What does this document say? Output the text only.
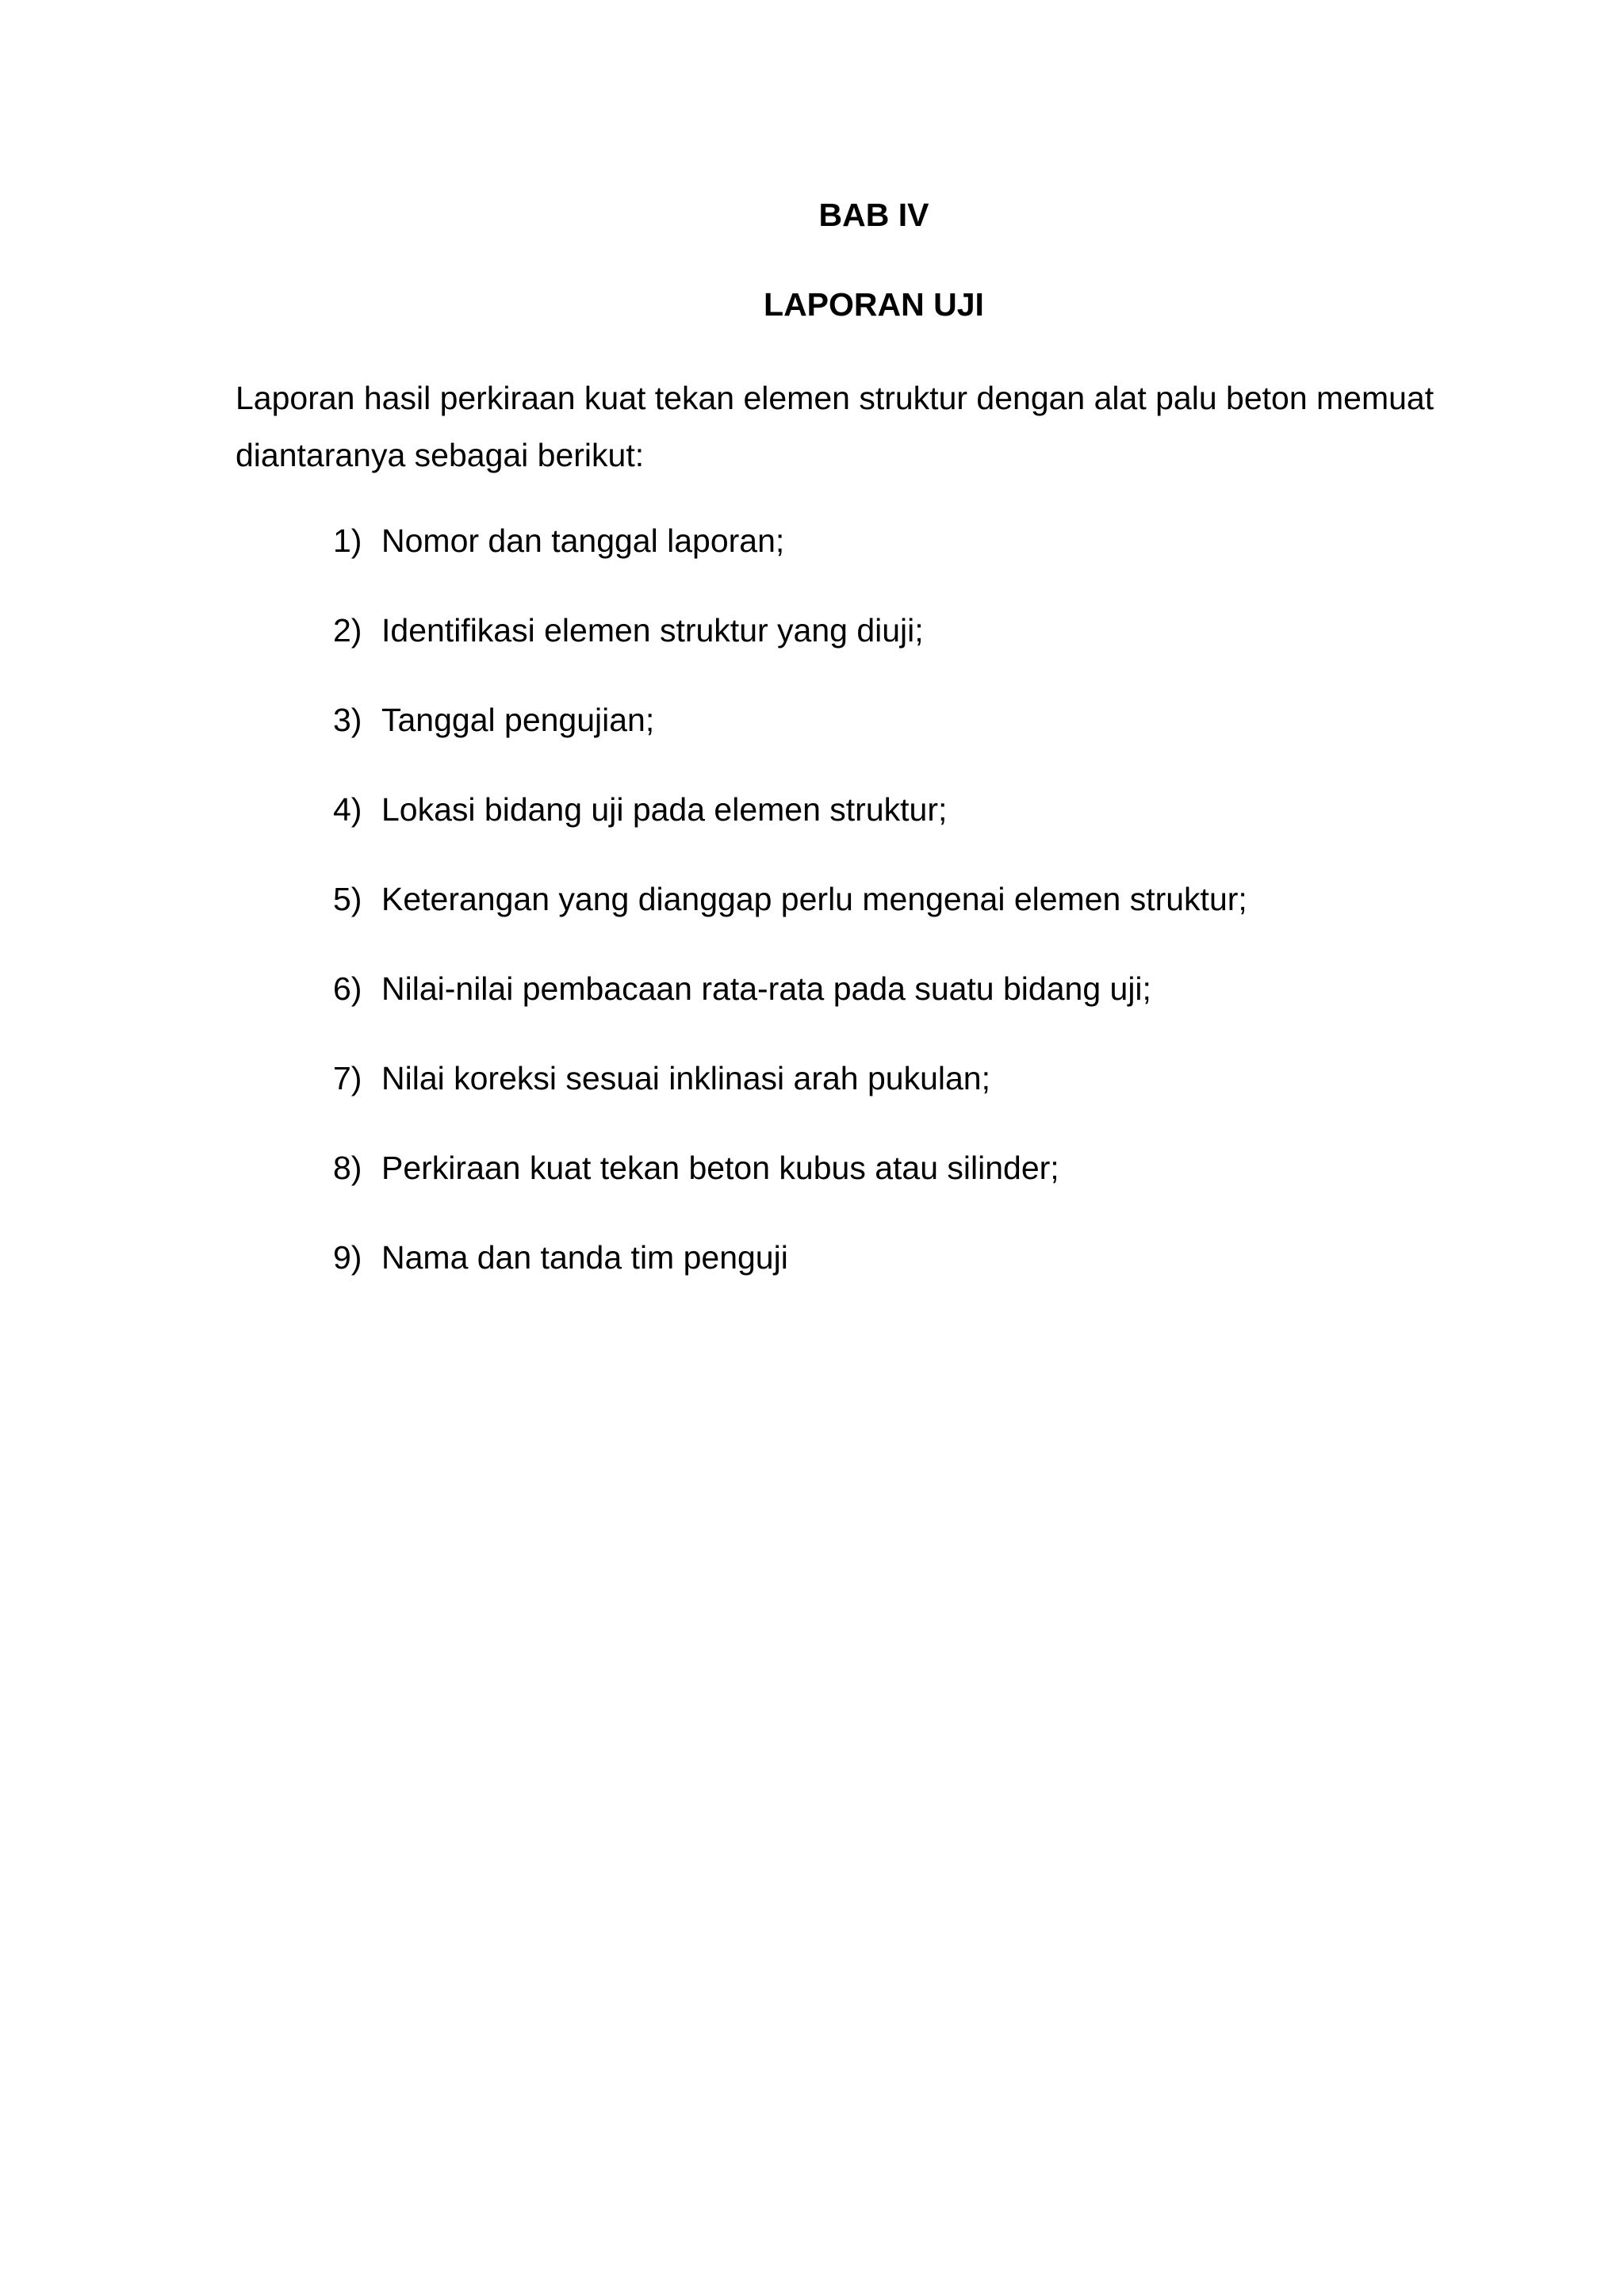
BAB IV
LAPORAN UJI

Laporan hasil perkiraan kuat tekan elemen struktur dengan alat palu beton memuat diantaranya sebagai berikut:

1) Nomor dan tanggal laporan;
2) Identifikasi elemen struktur yang diuji;
3) Tanggal pengujian;
4) Lokasi bidang uji pada elemen struktur;
5) Keterangan yang dianggap perlu mengenai elemen struktur;
6) Nilai-nilai pembacaan rata-rata pada suatu bidang uji;
7) Nilai koreksi sesuai inklinasi arah pukulan;
8) Perkiraan kuat tekan beton kubus atau silinder;
9) Nama dan tanda tim penguji
